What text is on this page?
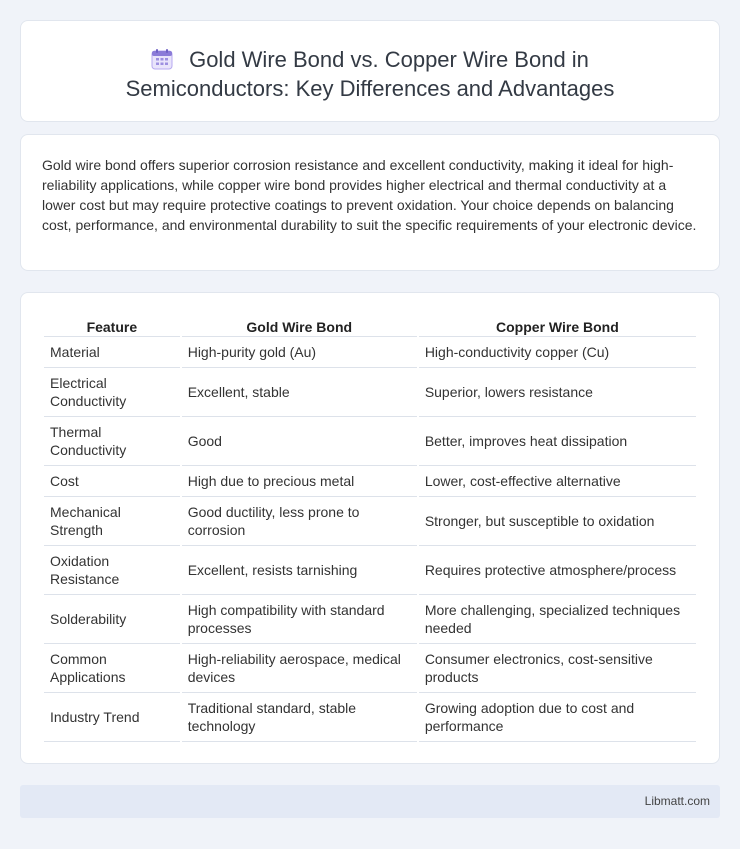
Gold Wire Bond vs. Copper Wire Bond in
Semiconductors: Key Differences and Advantages

Gold wire bond offers superior corrosion resistance and excellent conductivity, making it ideal for high-reliability applications, while copper wire bond provides higher electrical and thermal conductivity at a lower cost but may require protective coatings to prevent oxidation. Your choice depends on balancing cost, performance, and environmental durability to suit the specific requirements of your electronic device.

Feature	Gold Wire Bond	Copper Wire Bond
Material	High-purity gold (Au)	High-conductivity copper (Cu)
Electrical Conductivity	Excellent, stable	Superior, lowers resistance
Thermal Conductivity	Good	Better, improves heat dissipation
Cost	High due to precious metal	Lower, cost-effective alternative
Mechanical Strength	Good ductility, less prone to corrosion	Stronger, but susceptible to oxidation
Oxidation Resistance	Excellent, resists tarnishing	Requires protective atmosphere/process
Solderability	High compatibility with standard processes	More challenging, specialized techniques needed
Common Applications	High-reliability aerospace, medical devices	Consumer electronics, cost-sensitive products
Industry Trend	Traditional standard, stable technology	Growing adoption due to cost and performance
Libmatt.com
